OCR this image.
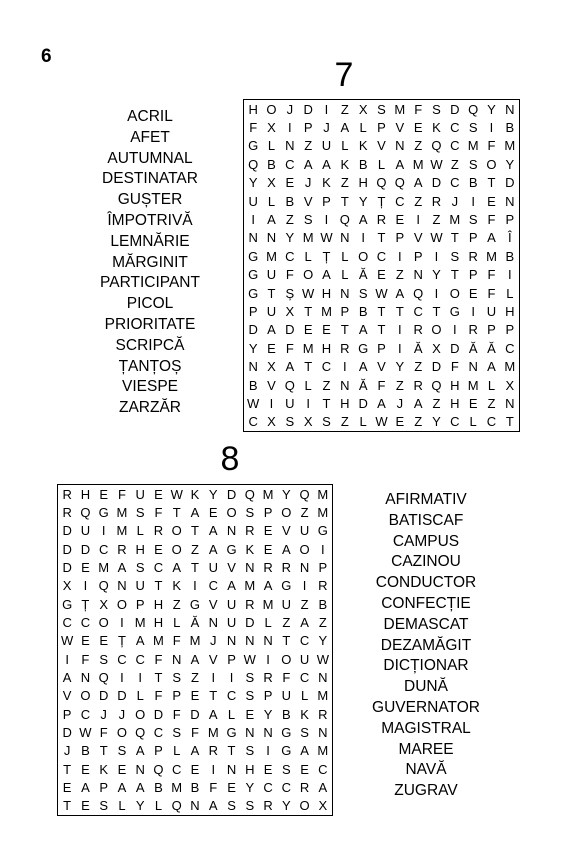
6	7
ACRIL
AFET
AUTUMNAL
DESTINATAR
GUȘTER
ÎMPOTRIVĂ
LEMNĂRIE
MĂRGINIT
PARTICIPANT
PICOL
PRIORITATE
SCRIPCĂ
ȚANȚOȘ
VIESPE
ZARZĂR
H O J D I Z X S M F S D Q Y N
F X I P J A L P V E K C S I B
G L N Z U L K V N Z Q C M F M
Q B C A A K B L A M W Z S O Y
Y X E J K Z H Q Q A D C B T D
U L B V P T Y Ț C Z R J	I E N
I A Z S I Q A R E I Z M S F P
N N Y M W N I T P V W T P A Î
G M C L Ț L O C I P I S R M B
G U F O A L Ă E Z N Y T P F I
G T Ș W H N S W A Q I O E F L
P U X T M P B T T C T G I U H
D A D E E T A T I R O I R P P
Y E F M H R G P I Ă X D Ă Ă C
N X A T C I A V Y Z D F N A M
B V Q L Z N Ă F Z R Q H M L X
W I U I T H D A J A Z H E Z N
C X S X S Z L W E Z Y C L C T
8
R H E F U E W K Y D Q M Y Q M
R Q G M S F T A E O S P O Z M
D U I M L R O T A N R E V U G
D D C R H E O Z A G K E A O I
D E M A S C A T U V N R R N P
X I Q N U T K I C A M A G I R
G Ț X O P H Z G V U R M U Z B
C C O I M H L Ă N U D L Z A Z
W E E Ț A M F M J N N N T C Y
I F S C C F N A V P W I O U W
A N Q I	I T S Z I	I S R F C N
V O D D L F P E T C S P U L M
P C J J O D F D A L E Y B K R
D W F O Q C S F M G N N G S N
J B T S A P L A R T S I G A M
T E K E N Q C E I N H E S E C
E A P A A B M B F E Y C C R A
T E S L Y L Q N A S S R Y O X
AFIRMATIV
BATISCAF
CAMPUS
CAZINOU
CONDUCTOR
CONFECȚIE
DEMASCAT
DEZAMĂGIT
DICȚIONAR
DUNĂ
GUVERNATOR
MAGISTRAL
MAREE
NAVĂ
ZUGRAV
